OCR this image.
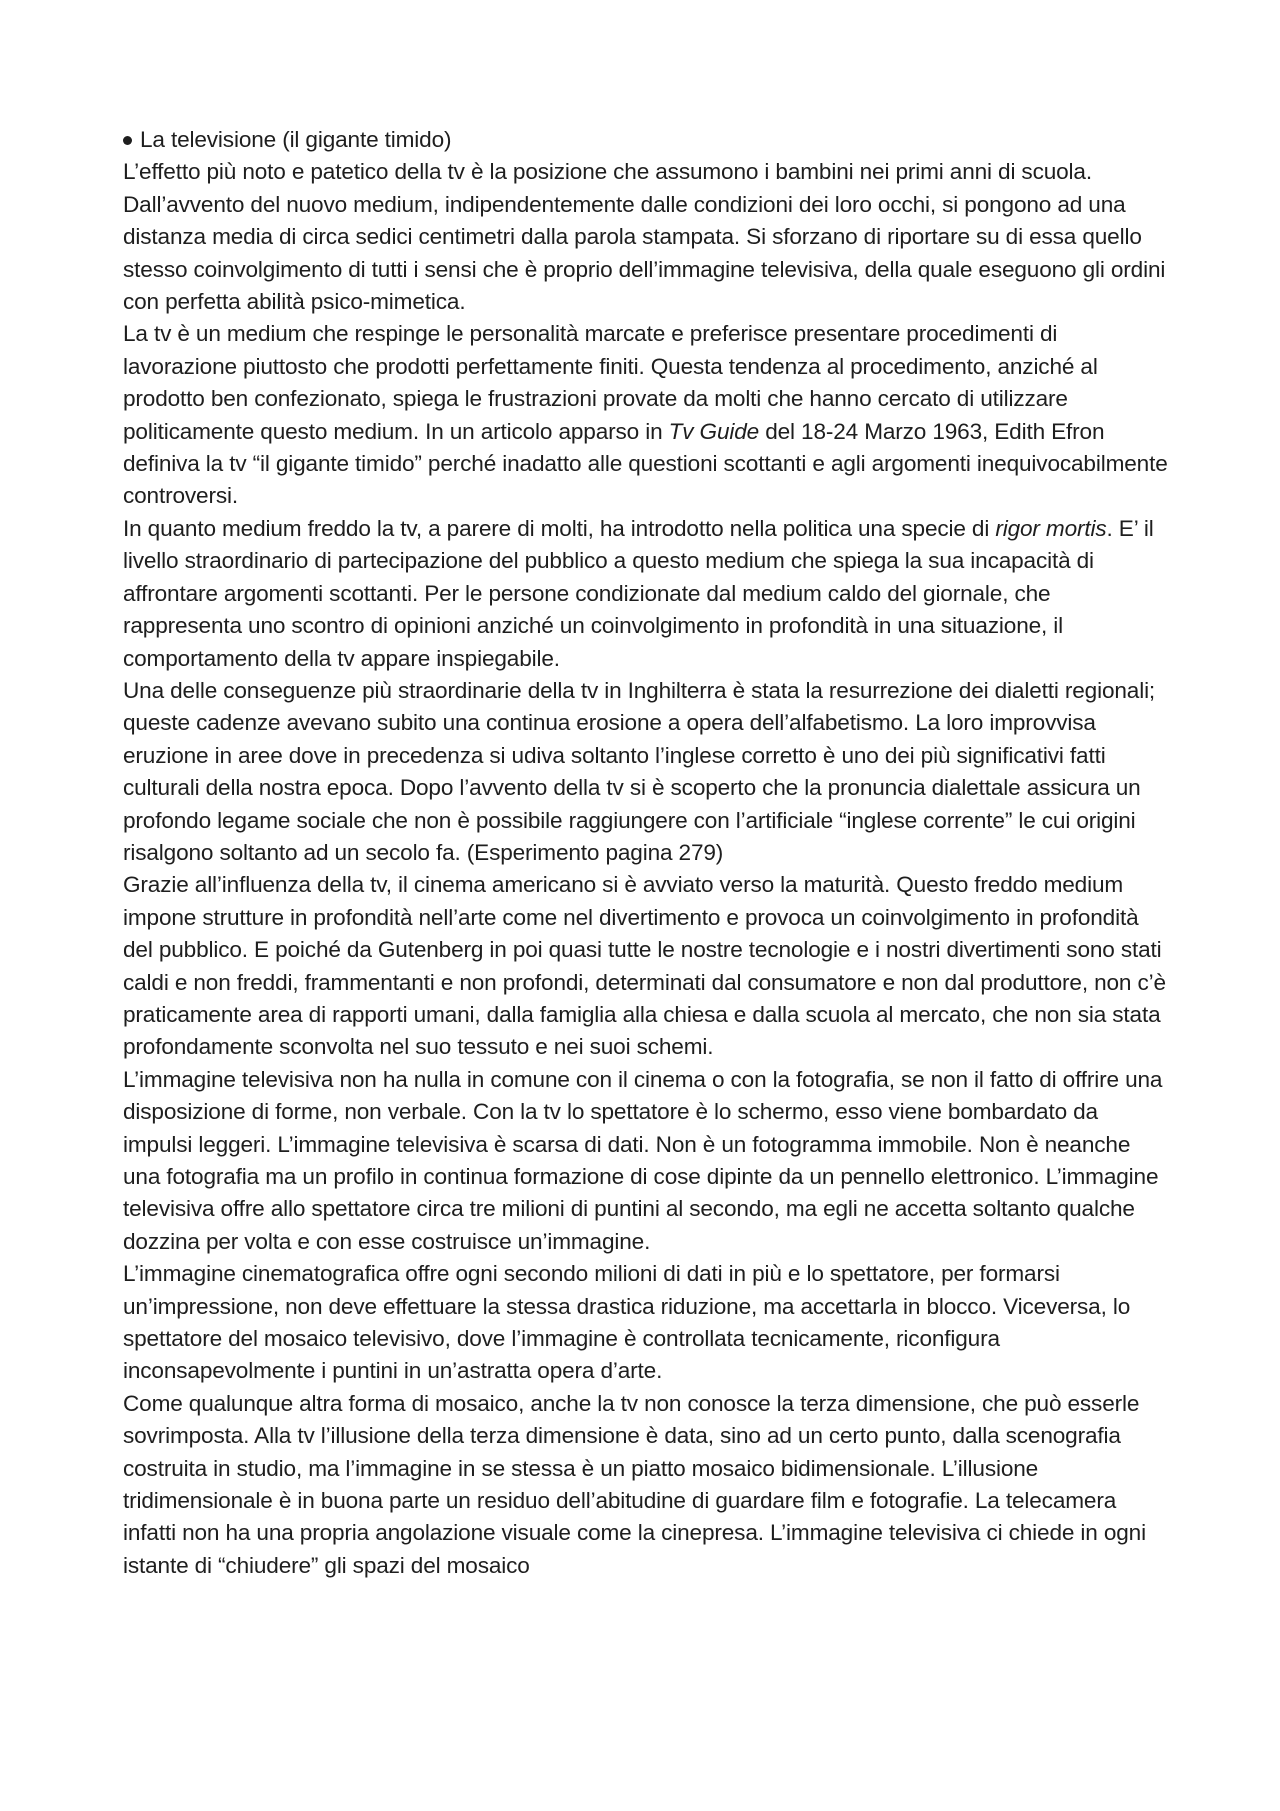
La televisione (il gigante timido)

L’effetto più noto e patetico della tv è la posizione che assumono i bambini nei primi anni di scuola. Dall’avvento del nuovo medium, indipendentemente dalle condizioni dei loro occhi, si pongono ad una distanza media di circa sedici centimetri dalla parola stampata. Si sforzano di riportare su di essa quello stesso coinvolgimento di tutti i sensi che è proprio dell’immagine televisiva, della quale eseguono gli ordini con perfetta abilità psico-mimetica.

La tv è un medium che respinge le personalità marcate e preferisce presentare procedimenti di lavorazione piuttosto che prodotti perfettamente finiti. Questa tendenza al procedimento, anziché al prodotto ben confezionato, spiega le frustrazioni provate da molti che hanno cercato di utilizzare politicamente questo medium. In un articolo apparso in Tv Guide del 18-24 Marzo 1963, Edith Efron definiva la tv “il gigante timido” perché inadatto alle questioni scottanti e agli argomenti inequivocabilmente controversi.

In quanto medium freddo la tv, a parere di molti, ha introdotto nella politica una specie di rigor mortis. E’ il livello straordinario di partecipazione del pubblico a questo medium che spiega la sua incapacità di affrontare argomenti scottanti. Per le persone condizionate dal medium caldo del giornale, che rappresenta uno scontro di opinioni anziché un coinvolgimento in profondità in una situazione, il comportamento della tv appare inspiegabile.

Una delle conseguenze più straordinarie della tv in Inghilterra è stata la resurrezione dei dialetti regionali; queste cadenze avevano subito una continua erosione a opera dell’alfabetismo. La loro improvvisa eruzione in aree dove in precedenza si udiva soltanto l’inglese corretto è uno dei più significativi fatti culturali della nostra epoca. Dopo l’avvento della tv si è scoperto che la pronuncia dialettale assicura un profondo legame sociale che non è possibile raggiungere con l’artificiale “inglese corrente” le cui origini risalgono soltanto ad un secolo fa. (Esperimento pagina 279)

Grazie all’influenza della tv, il cinema americano si è avviato verso la maturità. Questo freddo medium impone strutture in profondità nell’arte come nel divertimento e provoca un coinvolgimento in profondità del pubblico. E poiché da Gutenberg in poi quasi tutte le nostre tecnologie e i nostri divertimenti sono stati caldi e non freddi, frammentanti e non profondi, determinati dal consumatore e non dal produttore, non c’è praticamente area di rapporti umani, dalla famiglia alla chiesa e dalla scuola al mercato, che non sia stata profondamente sconvolta nel suo tessuto e nei suoi schemi.

L’immagine televisiva non ha nulla in comune con il cinema o con la fotografia, se non il fatto di offrire una disposizione di forme, non verbale. Con la tv lo spettatore è lo schermo, esso viene bombardato da impulsi leggeri. L’immagine televisiva è scarsa di dati. Non è un fotogramma immobile. Non è neanche una fotografia ma un profilo in continua formazione di cose dipinte da un pennello elettronico. L’immagine televisiva offre allo spettatore circa tre milioni di puntini al secondo, ma egli ne accetta soltanto qualche dozzina per volta e con esse costruisce un’immagine.

L’immagine cinematografica offre ogni secondo milioni di dati in più e lo spettatore, per formarsi un’impressione, non deve effettuare la stessa drastica riduzione, ma accettarla in blocco. Viceversa, lo spettatore del mosaico televisivo, dove l’immagine è controllata tecnicamente, riconfigura inconsapevolmente i puntini in un’astratta opera d’arte.

Come qualunque altra forma di mosaico, anche la tv non conosce la terza dimensione, che può esserle sovrimposta. Alla tv l’illusione della terza dimensione è data, sino ad un certo punto, dalla scenografia costruita in studio, ma l’immagine in se stessa è un piatto mosaico bidimensionale. L’illusione tridimensionale è in buona parte un residuo dell’abitudine di guardare film e fotografie. La telecamera infatti non ha una propria angolazione visuale come la cinepresa. L’immagine televisiva ci chiede in ogni istante di “chiudere” gli spazi del mosaico
